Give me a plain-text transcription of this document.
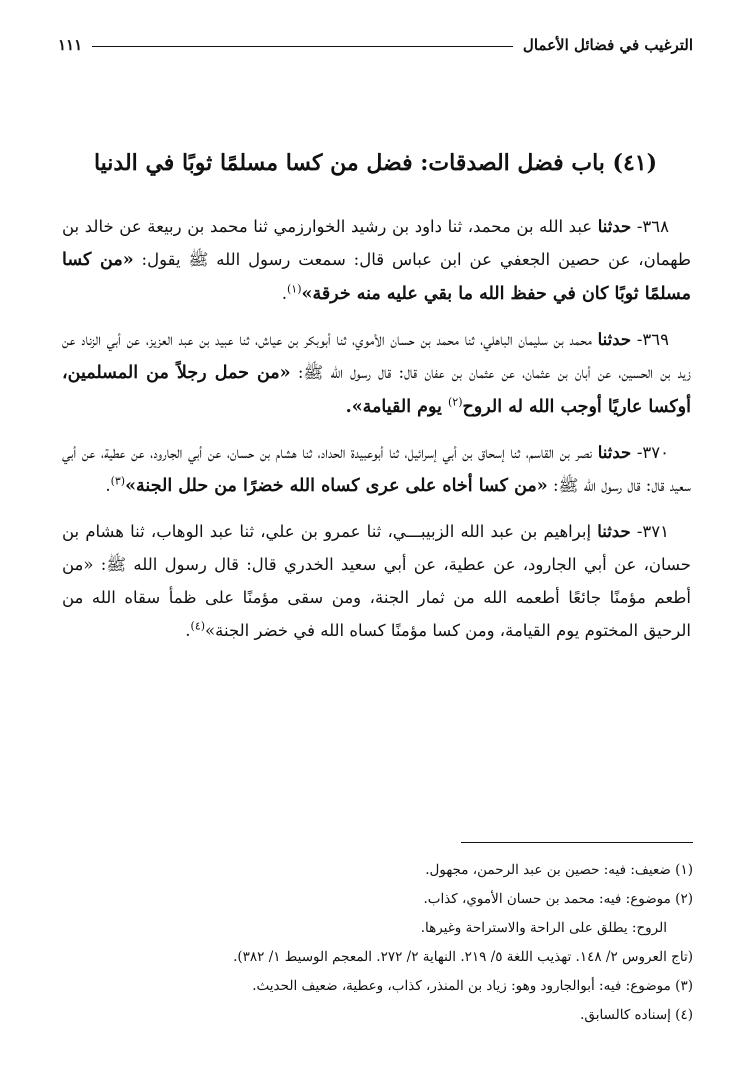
الترغيب في فضائل الأعمال
١١١
(٤١) باب فضل الصدقات: فضل من كسا مسلمًا ثوبًا في الدنيا

٣٦٨- حدثنا عبد الله بن محمد، ثنا داود بن رشيد الخوارزمي ثنا محمد بن ربيعة عن خالد بن طهمان، عن حصين الجعفي عن ابن عباس قال: سمعت رسول الله ﷺ يقول: «من كسا مسلمًا ثوبًا كان في حفظ الله ما بقي عليه منه خرقة»$^{(١)}$.

٣٦٩- حدثنا محمد بن سليمان الباهلي، ثنا محمد بن حسان الأموي، ثنا أبوبكر بن عياش، ثنا عبيد بن عبد العزيز، عن أبي الزناد عن زيد بن الحسين، عن أبان بن عثمان، عن عثمان بن عفان قال: قال رسول الله ﷺ: «من حمل رجلاً من المسلمين، أوكسا عاريًا أوجب الله له الروح$^{(٢)}$ يوم القيامة».

٣٧٠- حدثنا نصر بن القاسم، ثنا إسحاق بن أبي إسرائيل، ثنا أبوعبيدة الحداد، ثنا هشام بن حسان، عن أبي الجارود، عن عطية، عن أبي سعيد قال: قال رسول الله ﷺ: «من كسا أخاه على عرى كساه الله خضرًا من حلل الجنة»$^{(٣)}$.

٣٧١- حدثنا إبراهيم بن عبد الله الزبيبـــي، ثنا عمرو بن علي، ثنا عبد الوهاب، ثنا هشام بن حسان، عن أبي الجارود، عن عطية، عن أبي سعيد الخدري قال: قال رسول الله ﷺ: «من أطعم مؤمنًا جائعًا أطعمه الله من ثمار الجنة، ومن سقى مؤمنًا على ظمأ سقاه الله من الرحيق المختوم يوم القيامة، ومن كسا مؤمنًا كساه الله في خضر الجنة»$^{(٤)}$.

(١) ضعيف: فيه: حصين بن عبد الرحمن، مجهول.

(٢) موضوع: فيه: محمد بن حسان الأموي، كذاب.

الروح: يطلق على الراحة والاستراحة وغيرها.

(تاج العروس ٢/ ١٤٨. تهذيب اللغة ٥/ ٢١٩. النهاية ٢/ ٢٧٢. المعجم الوسيط ١/ ٣٨٢).

(٣) موضوع: فيه: أبوالجارود وهو: زياد بن المنذر، كذاب، وعطية، ضعيف الحديث.

(٤) إسناده كالسابق.
